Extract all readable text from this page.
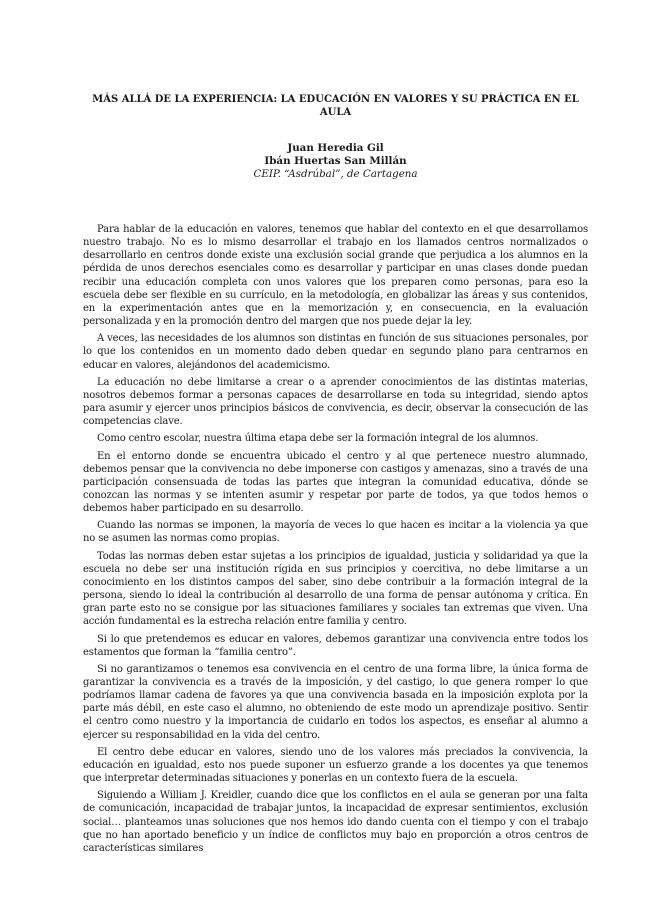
MÁS ALLÁ DE LA EXPERIENCIA: LA EDUCACIÓN EN VALORES Y SU PRÁCTICA EN EL AULA
Juan Heredia Gil
Ibán Huertas San Millán
CEIP. “Asdrúbal”, de Cartagena

Para hablar de la educación en valores, tenemos que hablar del contexto en el que desarrollamos nuestro trabajo. No es lo mismo desarrollar el trabajo en los llamados centros normalizados o desarrollarlo en centros donde existe una exclusión social grande que perjudica a los alumnos en la pérdida de unos derechos esenciales como es desarrollar y participar en unas clases donde puedan recibir una educación completa con unos valores que los preparen como personas, para eso la escuela debe ser flexible en su currículo, en la metodología, en globalizar las áreas y sus contenidos, en la experimentación antes que en la memorización y, en consecuencia, en la evaluación personalizada y en la promoción dentro del margen que nos puede dejar la ley.

A veces, las necesidades de los alumnos son distintas en función de sus situaciones personales, por lo que los contenidos en un momento dado deben quedar en segundo plano para centrarnos en educar en valores, alejándonos del academicismo.

La educación no debe limitarse a crear o a aprender conocimientos de las distintas materias, nosotros debemos formar a personas capaces de desarrollarse en toda su integridad, siendo aptos para asumir y ejercer unos principios básicos de convivencia, es decir, observar la consecución de las competencias clave.

Como centro escolar, nuestra última etapa debe ser la formación integral de los alumnos.

En el entorno donde se encuentra ubicado el centro y al que pertenece nuestro alumnado, debemos pensar que la convivencia no debe imponerse con castigos y amenazas, sino a través de una participación consensuada de todas las partes que integran la comunidad educativa, dónde se conozcan las normas y se intenten asumir y respetar por parte de todos, ya que todos hemos o debemos haber participado en su desarrollo.

Cuando las normas se imponen, la mayoría de veces lo que hacen es incitar a la violencia ya que no se asumen las normas como propias.

Todas las normas deben estar sujetas a los principios de igualdad, justicia y solidaridad ya que la escuela no debe ser una institución rígida en sus principios y coercitiva, no debe limitarse a un conocimiento en los distintos campos del saber, sino debe contribuir a la formación integral de la persona, siendo lo ideal la contribución al desarrollo de una forma de pensar autónoma y crítica. En gran parte esto no se consigue por las situaciones familiares y sociales tan extremas que viven. Una acción fundamental es la estrecha relación entre familia y centro.

Si lo que pretendemos es educar en valores, debemos garantizar una convivencia entre todos los estamentos que forman la “familia centro”.

Si no garantizamos o tenemos esa convivencia en el centro de una forma libre, la única forma de garantizar la convivencia es a través de la imposición, y del castigo, lo que genera romper lo que podríamos llamar cadena de favores ya que una convivencia basada en la imposición explota por la parte más débil, en este caso el alumno, no obteniendo de este modo un aprendizaje positivo. Sentir el centro como nuestro y la importancia de cuidarlo en todos los aspectos, es enseñar al alumno a ejercer su responsabilidad en la vida del centro.

El centro debe educar en valores, siendo uno de los valores más preciados la convivencia, la educación en igualdad, esto nos puede suponer un esfuerzo grande a los docentes ya que tenemos que interpretar determinadas situaciones y ponerlas en un contexto fuera de la escuela.

Siguiendo a William J. Kreidler, cuando dice que los conflictos en el aula se generan por una falta de comunicación, incapacidad de trabajar juntos, la incapacidad de expresar sentimientos, exclusión social… planteamos unas soluciones que nos hemos ido dando cuenta con el tiempo y con el trabajo que no han aportado beneficio y un índice de conflictos muy bajo en proporción a otros centros de características similares
